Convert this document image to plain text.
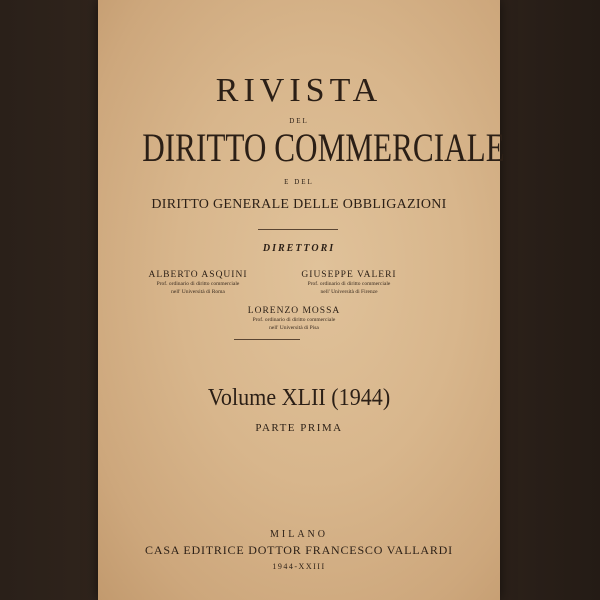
RIVISTA
DEL
DIRITTO COMMERCIALE
E DEL
DIRITTO GENERALE DELLE OBBLIGAZIONI
DIRETTORI
ALBERTO ASQUINI
Prof. ordinario di diritto commerciale
nell' Università di Roma
GIUSEPPE VALERI
Prof. ordinario di diritto commerciale
nell' Università di Firenze
LORENZO MOSSA
Prof. ordinario di diritto commerciale
nell' Università di Pisa
Volume XLII (1944)
PARTE PRIMA
MILANO
CASA EDITRICE DOTTOR FRANCESCO VALLARDI
1944-XXIII
